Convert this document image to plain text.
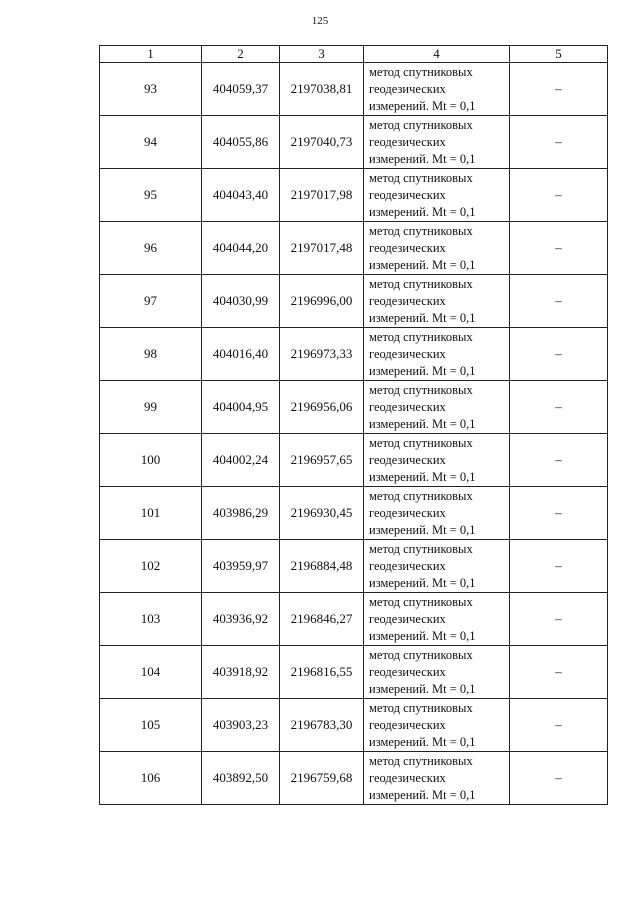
125
1	2	3	4	5
93	404059,37	2197038,81	метод спутниковых
геодезических
измерений. Mt = 0,1	–
94	404055,86	2197040,73	метод спутниковых
геодезических
измерений. Mt = 0,1	–
95	404043,40	2197017,98	метод спутниковых
геодезических
измерений. Mt = 0,1	–
96	404044,20	2197017,48	метод спутниковых
геодезических
измерений. Mt = 0,1	–
97	404030,99	2196996,00	метод спутниковых
геодезических
измерений. Mt = 0,1	–
98	404016,40	2196973,33	метод спутниковых
геодезических
измерений. Mt = 0,1	–
99	404004,95	2196956,06	метод спутниковых
геодезических
измерений. Mt = 0,1	–
100	404002,24	2196957,65	метод спутниковых
геодезических
измерений. Mt = 0,1	–
101	403986,29	2196930,45	метод спутниковых
геодезических
измерений. Mt = 0,1	–
102	403959,97	2196884,48	метод спутниковых
геодезических
измерений. Mt = 0,1	–
103	403936,92	2196846,27	метод спутниковых
геодезических
измерений. Mt = 0,1	–
104	403918,92	2196816,55	метод спутниковых
геодезических
измерений. Mt = 0,1	–
105	403903,23	2196783,30	метод спутниковых
геодезических
измерений. Mt = 0,1	–
106	403892,50	2196759,68	метод спутниковых
геодезических
измерений. Mt = 0,1	–
